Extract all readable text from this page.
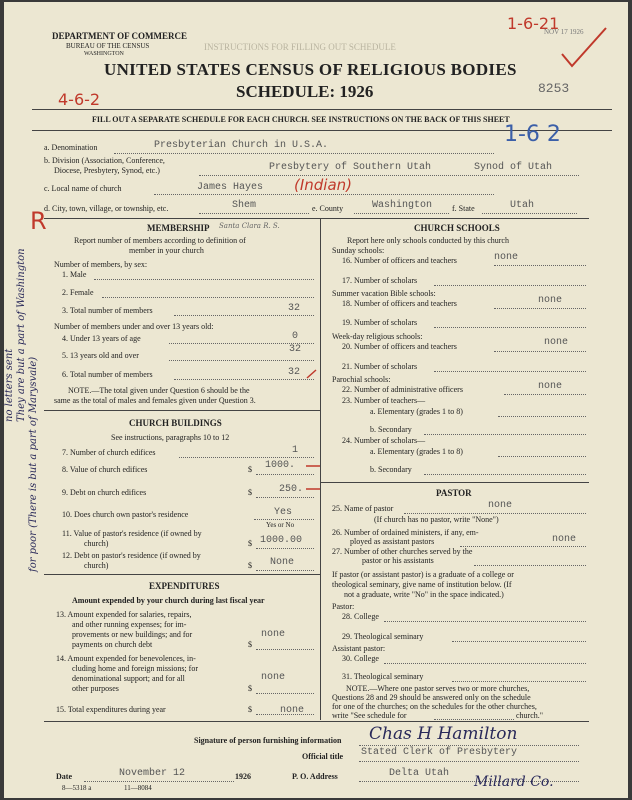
DEPARTMENT OF COMMERCE
BUREAU OF THE CENSUS
WASHINGTON
INSTRUCTIONS FOR FILLING OUT SCHEDULE
UNITED STATES CENSUS OF RELIGIOUS BODIES
SCHEDULE: 1926
NOV 17 1926
8253
1-6-21
4-6-2
FILL OUT A SEPARATE SCHEDULE FOR EACH CHURCH. SEE INSTRUCTIONS ON THE BACK OF THIS SHEET
a. Denomination	Presbyterian Church in U.S.A.	1-6 2
b. Division (Association, Conference,
Diocese, Presbytery, Synod, etc.)	Presbytery of Southern Utah	Synod of Utah
c. Local name of church	James Hayes (Indian)
d. City, town, village, or township, etc.	Shem	e. County	Washington f. State	Utah
MEMBERSHIP Santa Clara R. S.
Report number of members according to definition of
member in your church
Number of members, by sex:
1. Male
2. Female
3. Total number of members	32
Number of members under and over 13 years old:
4. Under 13 years of age	0
5. 13 years old and over
32
6. Total number of members	32
NOTE.—The total given under Question 6 should be the
same as the total of males and females given under Question 3.
CHURCH BUILDINGS
See instructions, paragraphs 10 to 12
7. Number of church edifices	1
8. Value of church edifices	$ 1000.
9. Debt on church edifices	$	250.
10. Does church own pastor's residence	Yes
Yes or No
11. Value of pastor's residence (if owned by
church)	$ 1000.00
12. Debt on pastor's residence (if owned by
church)	$ None
EXPENDITURES
Amount expended by your church during last fiscal year
13. Amount expended for salaries, repairs,
and other running expenses; for im-
provements or new buildings; and for
payments on church debt	$
none
14. Amount expended for benevolences, in-
cluding home and foreign missions; for
denominational support; and for all
other purposes	$
none
15. Total expenditures during year	$	none
R
no letters sent They are but a part of Washington
for poor (There is but a part of Marysvale)
CHURCH SCHOOLS
Report here only schools conducted by this church
Sunday schools:
16. Number of officers and teachers	none
17. Number of scholars
Summer vacation Bible schools:
18. Number of officers and teachers	none
19. Number of scholars
Week-day religious schools:
20. Number of officers and teachers	none
21. Number of scholars
Parochial schools:
22. Number of administrative officers	none
23. Number of teachers—
a. Elementary (grades 1 to 8)
b. Secondary
24. Number of scholars—
a. Elementary (grades 1 to 8)
b. Secondary
PASTOR
25. Name of pastor	none
(If church has no pastor, write "None")
26. Number of ordained ministers, if any, em-
ployed as assistant pastors	none
27. Number of other churches served by the
pastor or his assistants
If pastor (or assistant pastor) is a graduate of a college or
theological seminary, give name of institution below. (If
not a graduate, write "No" in the space indicated.)
Pastor:
28. College
29. Theological seminary
Assistant pastor:
30. College
31. Theological seminary
NOTE.—Where one pastor serves two or more churches,
Questions 28 and 29 should be answered only on the schedule
for one of the churches; on the schedules for the other churches,
write "See schedule for	church."
Signature of person furnishing information Chas H Hamilton
Official title Stated Clerk of Presbytery
Date	November 12	1926	P. O. Address	Delta Utah
Millard Co.
8—5318 a	11—8084
